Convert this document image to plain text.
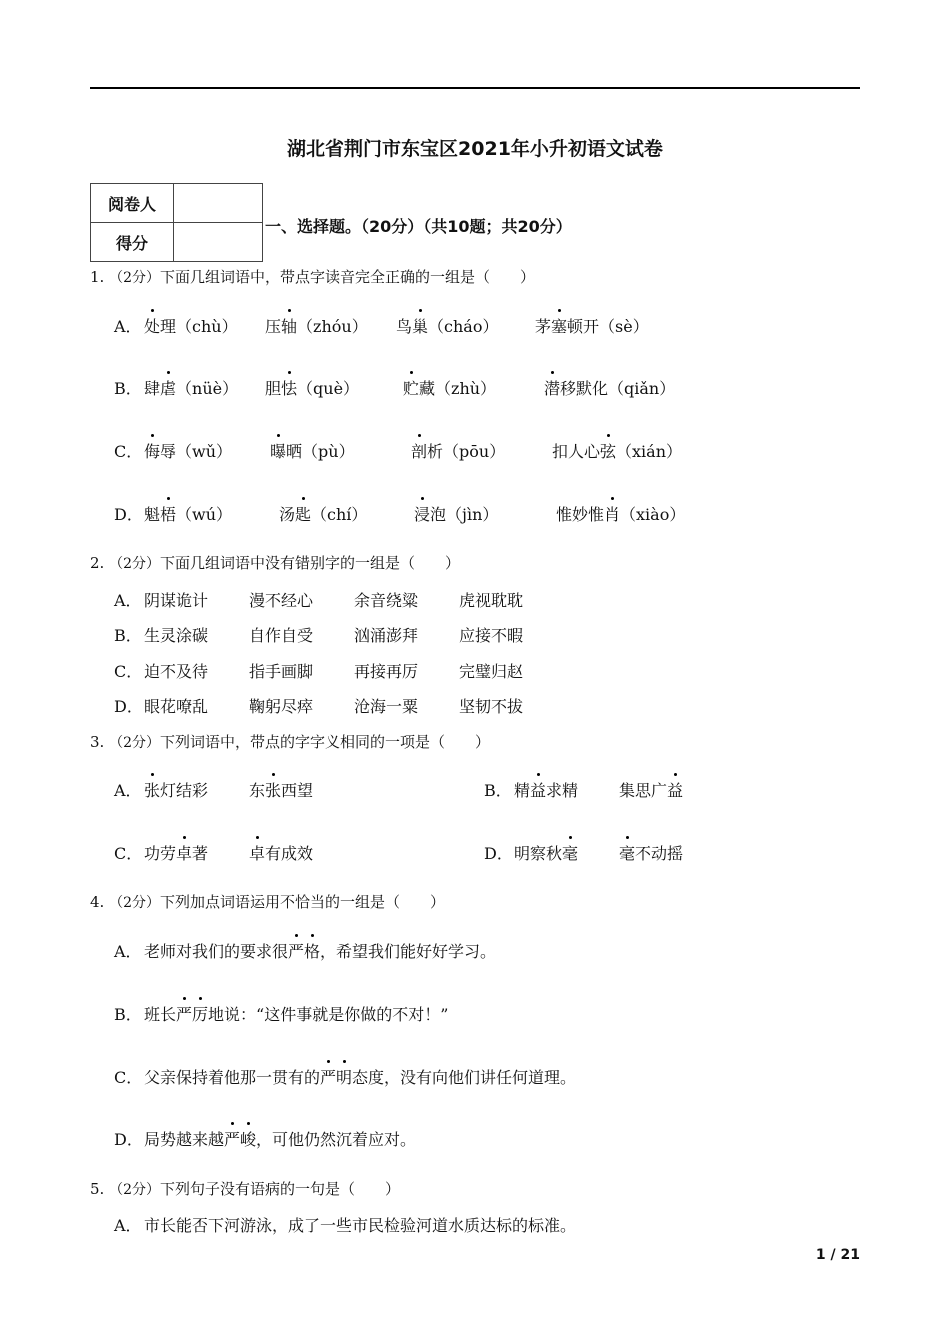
湖北省荆门市东宝区2021年小升初语文试卷
阅卷人	
得分	
一、选择题。（20分）（共10题；共20分）
1. （2分）下面几组词语中，带点字读音完全正确的一组是（　　）
A． 处理（chù） 压轴（zhóu） 鸟巢（cháo） 茅塞顿开（sè）
B． 肆虐（nüè） 胆怯（què）	贮藏（zhù）	潜移默化（qiǎn）
C． 侮辱（wǔ） 曝晒（pù）	剖析（pōu）	扣人心弦（xián）
D． 魁梧（wú）	汤匙（chí）	浸泡（jìn）	惟妙惟肖（xiào）
2. （2分）下面几组词语中没有错别字的一组是（　　）
A． 阴谋诡计	漫不经心	余音绕粱	虎视耽耽
B． 生灵涂碳	自作自受	汹涌澎拜	应接不暇
C． 迫不及待	指手画脚	再接再厉	完璧归赵
D． 眼花嘹乱	鞠躬尽瘁	沧海一粟	坚韧不拔
3. （2分）下列词语中，带点的字字义相同的一项是（　　）
A． 张灯结彩	东张西望	B． 精益求精	集思广益
C． 功劳卓著	卓有成效	D． 明察秋毫	毫不动摇
4. （2分）下列加点词语运用不恰当的一组是（　　）
A． 老师对我们的要求很严格，希望我们能好好学习。
B． 班长严厉地说：“这件事就是你做的不对！”
C． 父亲保持着他那一贯有的严明态度，没有向他们讲任何道理。
D． 局势越来越严峻，可他仍然沉着应对。
5. （2分）下列句子没有语病的一句是（　　）
A． 市长能否下河游泳，成了一些市民检验河道水质达标的标准。
1 / 21
